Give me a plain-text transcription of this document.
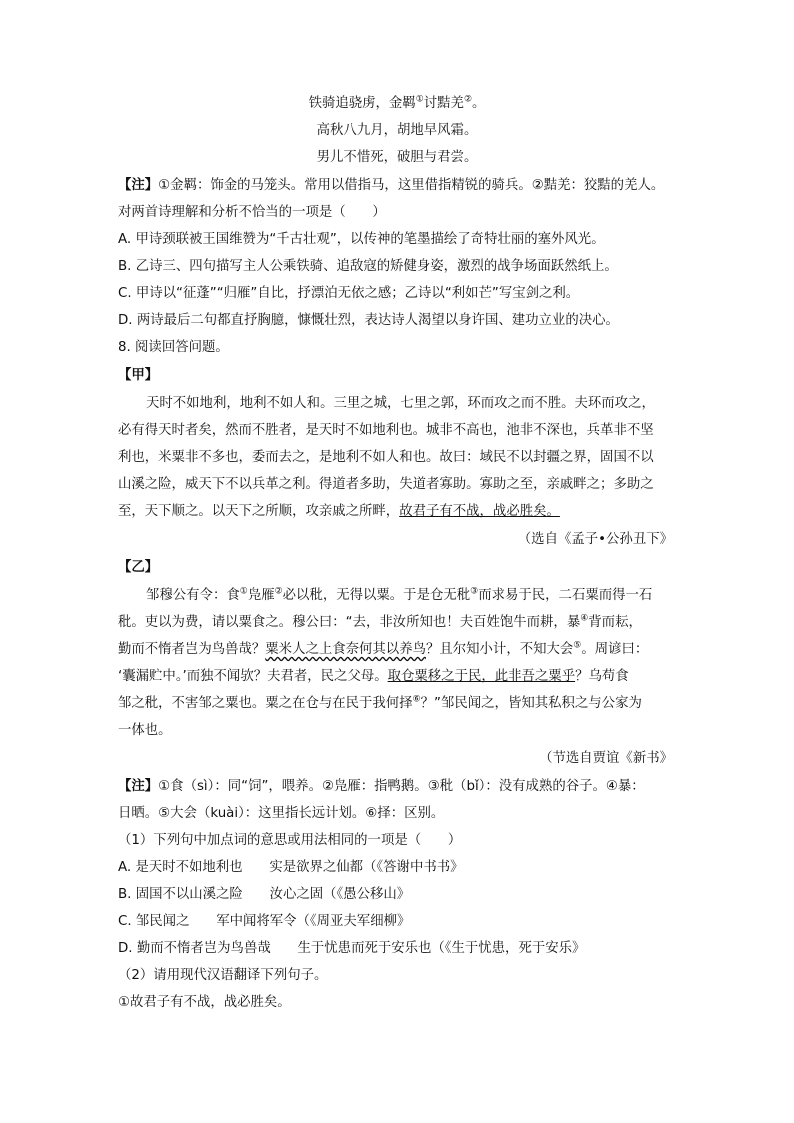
铁骑追骁虏，金羁①讨黠羌②。
高秋八九月，胡地早风霜。
男儿不惜死，破胆与君尝。
【注】①金羁：饰金的马笼头。常用以借指马，这里借指精锐的骑兵。②黠羌：狡黠的羌人。
对两首诗理解和分析不恰当的一项是（　　）
A. 甲诗颈联被王国维赞为“千古壮观”，以传神的笔墨描绘了奇特壮丽的塞外风光。
B. 乙诗三、四句描写主人公乘铁骑、追敌寇的矫健身姿，激烈的战争场面跃然纸上。
C. 甲诗以“征蓬”“归雁”自比，抒漂泊无依之感；乙诗以“利如芒”写宝剑之利。
D. 两诗最后二句都直抒胸臆，慷慨壮烈，表达诗人渴望以身许国、建功立业的决心。
8. 阅读回答问题。
【甲】
天时不如地利，地利不如人和。三里之城，七里之郭，环而攻之而不胜。夫环而攻之，
必有得天时者矣，然而不胜者，是天时不如地利也。城非不高也，池非不深也，兵革非不坚
利也，米粟非不多也，委而去之，是地利不如人和也。故曰：域民不以封疆之界，固国不以
山溪之险，威天下不以兵革之利。得道者多助，失道者寡助。寡助之至，亲戚畔之；多助之
至，天下顺之。以天下之所顺，攻亲戚之所畔，故君子有不战，战必胜矣。
（选自《孟子•公孙丑下》
【乙】
邹穆公有令：食①凫雁②必以秕，无得以粟。于是仓无秕③而求易于民，二石粟而得一石
秕。吏以为费，请以粟食之。穆公曰：“去，非汝所知也！夫百姓饱牛而耕，暴④背而耘，
勤而不惰者岂为鸟兽哉？粟米人之上食奈何其以养鸟？且尔知小计，不知大会⑤。周谚曰：
‘囊漏贮中。’而独不闻欤？夫君者，民之父母。取仓粟移之于民，此非吾之粟乎？乌苟食
邹之秕，不害邹之粟也。粟之在仓与在民于我何择⑥？”邹民闻之，皆知其私积之与公家为
一体也。
（节选自贾谊《新书》
【注】①食（sì）：同“饲”，喂养。②凫雁：指鸭鹅。③秕（bǐ）：没有成熟的谷子。④暴：
日晒。⑤大会（kuài）：这里指长远计划。⑥择：区别。
（1）下列句中加点词的意思或用法相同的一项是（　　）
A. 是天时不如地利也　　实是欲界之仙都（《答谢中书书》
B. 固国不以山溪之险　　汝心之固（《愚公移山》
C. 邹民闻之　　军中闻将军令（《周亚夫军细柳》
D. 勤而不惰者岂为鸟兽哉　　生于忧患而死于安乐也（《生于忧患，死于安乐》
（2）请用现代汉语翻译下列句子。
①故君子有不战，战必胜矣。
